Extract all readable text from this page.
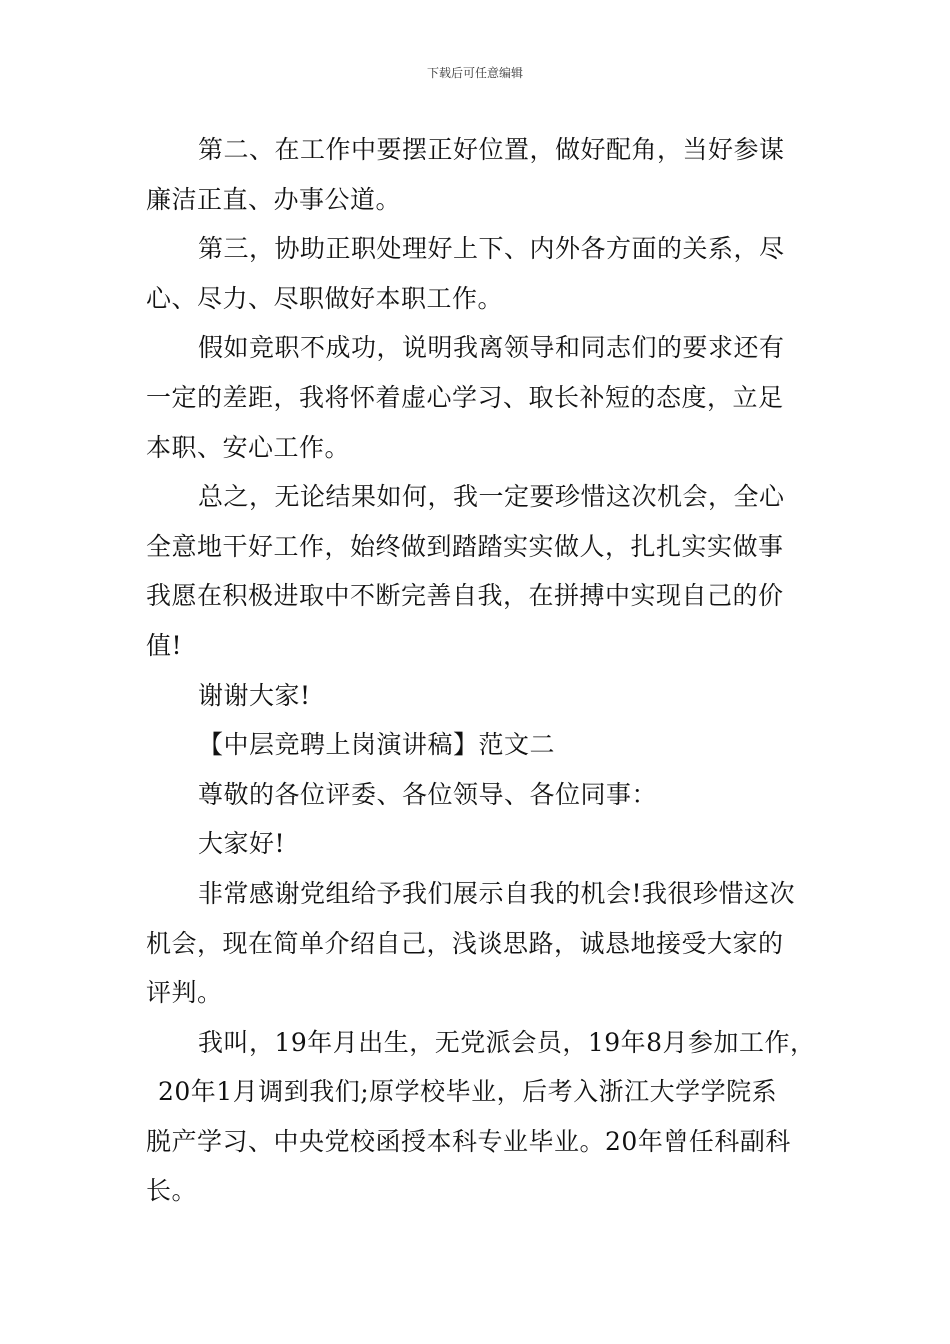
下载后可任意编辑
第二、在工作中要摆正好位置，做好配角，当好参谋
廉洁正直、办事公道。
第三，协助正职处理好上下、内外各方面的关系，尽
心、尽力、尽职做好本职工作。
假如竞职不成功，说明我离领导和同志们的要求还有
一定的差距，我将怀着虚心学习、取长补短的态度，立足
本职、安心工作。
总之，无论结果如何，我一定要珍惜这次机会，全心
全意地干好工作，始终做到踏踏实实做人，扎扎实实做事
我愿在积极进取中不断完善自我，在拼搏中实现自己的价
值!
谢谢大家!
【中层竞聘上岗演讲稿】范文二
尊敬的各位评委、各位领导、各位同事：
大家好!
非常感谢党组给予我们展示自我的机会!我很珍惜这次
机会，现在简单介绍自己，浅谈思路，诚恳地接受大家的
评判。
我叫，19年月出生，无党派会员，19年8月参加工作，
20年1月调到我们;原学校毕业，后考入浙江大学学院系
脱产学习、中央党校函授本科专业毕业。20年曾任科副科
长。
